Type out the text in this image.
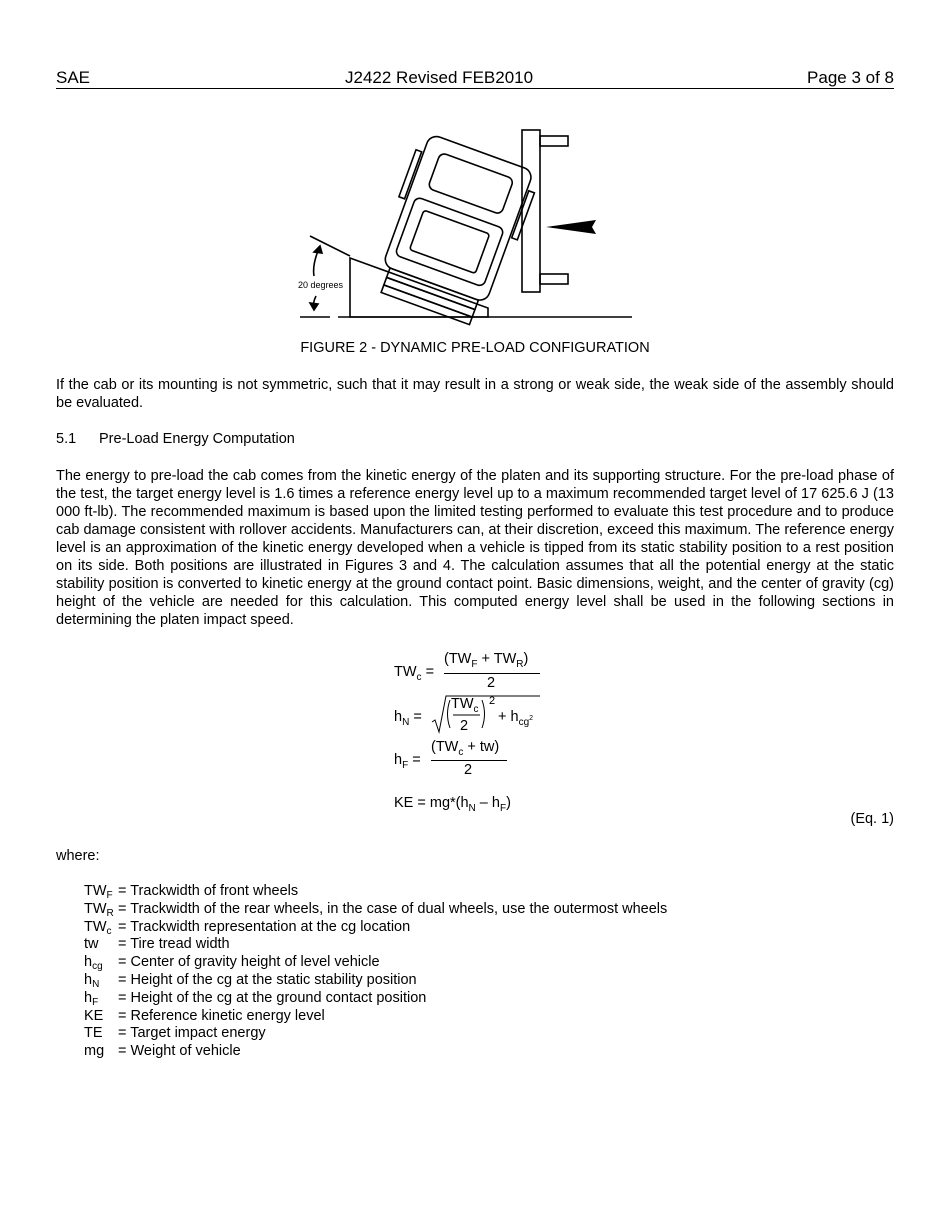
SAE	J2422 Revised FEB2010	Page 3 of 8
20 degrees
FIGURE 2 - DYNAMIC PRE-LOAD CONFIGURATION

If the cab or its mounting is not symmetric, such that it may result in a strong or weak side, the weak side of the assembly should be evaluated.

5.1 Pre-Load Energy Computation

The energy to pre-load the cab comes from the kinetic energy of the platen and its supporting structure. For the pre-load phase of the test, the target energy level is 1.6 times a reference energy level up to a maximum recommended target level of 17 625.6 J (13 000 ft-lb). The recommended maximum is based upon the limited testing performed to evaluate this test procedure and to produce cab damage consistent with rollover accidents. Manufacturers can, at their discretion, exceed this maximum. The reference energy level is an approximation of the kinetic energy developed when a vehicle is tipped from its static stability position to a rest position on its side. Both positions are illustrated in Figures 3 and 4. The calculation assumes that all the potential energy at the static stability position is converted to kinetic energy at the ground contact point. Basic dimensions, weight, and the center of gravity (cg) height of the vehicle are needed for this calculation. This computed energy level shall be used in the following sections in determining the platen impact speed.

$TW_c$ =
$(TW_F + TW_R)$
2
$h_N$ =
$TW_c$
2
2
+ $h_{cg}2$
$h_F$ =
$(TW_c + tw)$
2
KE = $mg*(h_N - h_F)$
(Eq. 1)
where:
$TW_F$ = Trackwidth of front wheels
$TW_R$ = Trackwidth of the rear wheels, in the case of dual wheels, use the outermost wheels
$TW_c$ = Trackwidth representation at the cg location
tw = Tire tread width
$h_{cg}$ = Center of gravity height of level vehicle
$h_N$ = Height of the cg at the static stability position
$h_F$ = Height of the cg at the ground contact position
KE = Reference kinetic energy level
TE = Target impact energy
mg = Weight of vehicle
